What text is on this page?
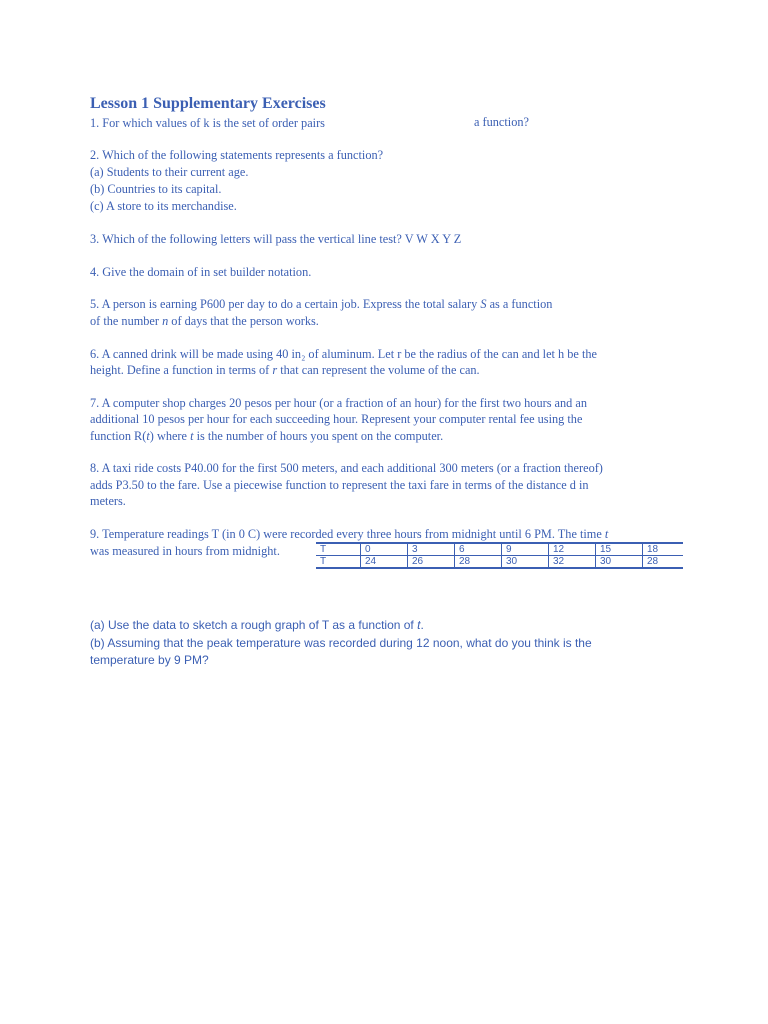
Lesson 1 Supplementary Exercises
1. For which values of k is the set of order pairs	a function?
2. Which of the following statements represents a function?
(a) Students to their current age.
(b) Countries to its capital.
(c) A store to its merchandise.
3. Which of the following letters will pass the vertical line test? V W X Y Z
4. Give the domain of in set builder notation.
5. A person is earning P600 per day to do a certain job. Express the total salary S as a function
of the number n of days that the person works.
6. A canned drink will be made using 40 in₂ of aluminum. Let r be the radius of the can and let h be the
height. Define a function in terms of r that can represent the volume of the can.
7. A computer shop charges 20 pesos per hour (or a fraction of an hour) for the first two hours and an
additional 10 pesos per hour for each succeeding hour. Represent your computer rental fee using the
function R(t) where t is the number of hours you spent on the computer.
8. A taxi ride costs P40.00 for the first 500 meters, and each additional 300 meters (or a fraction thereof)
adds P3.50 to the fare. Use a piecewise function to represent the taxi fare in terms of the distance d in
meters.
9. Temperature readings T (in 0 C) were recorded every three hours from midnight until 6 PM. The time t
was measured in hours from midnight.	T	0	3	6	9	12	15	18
T	24	26	28	30	32	30	28
(a) Use the data to sketch a rough graph of T as a function of t.
(b) Assuming that the peak temperature was recorded during 12 noon, what do you think is the
temperature by 9 PM?
